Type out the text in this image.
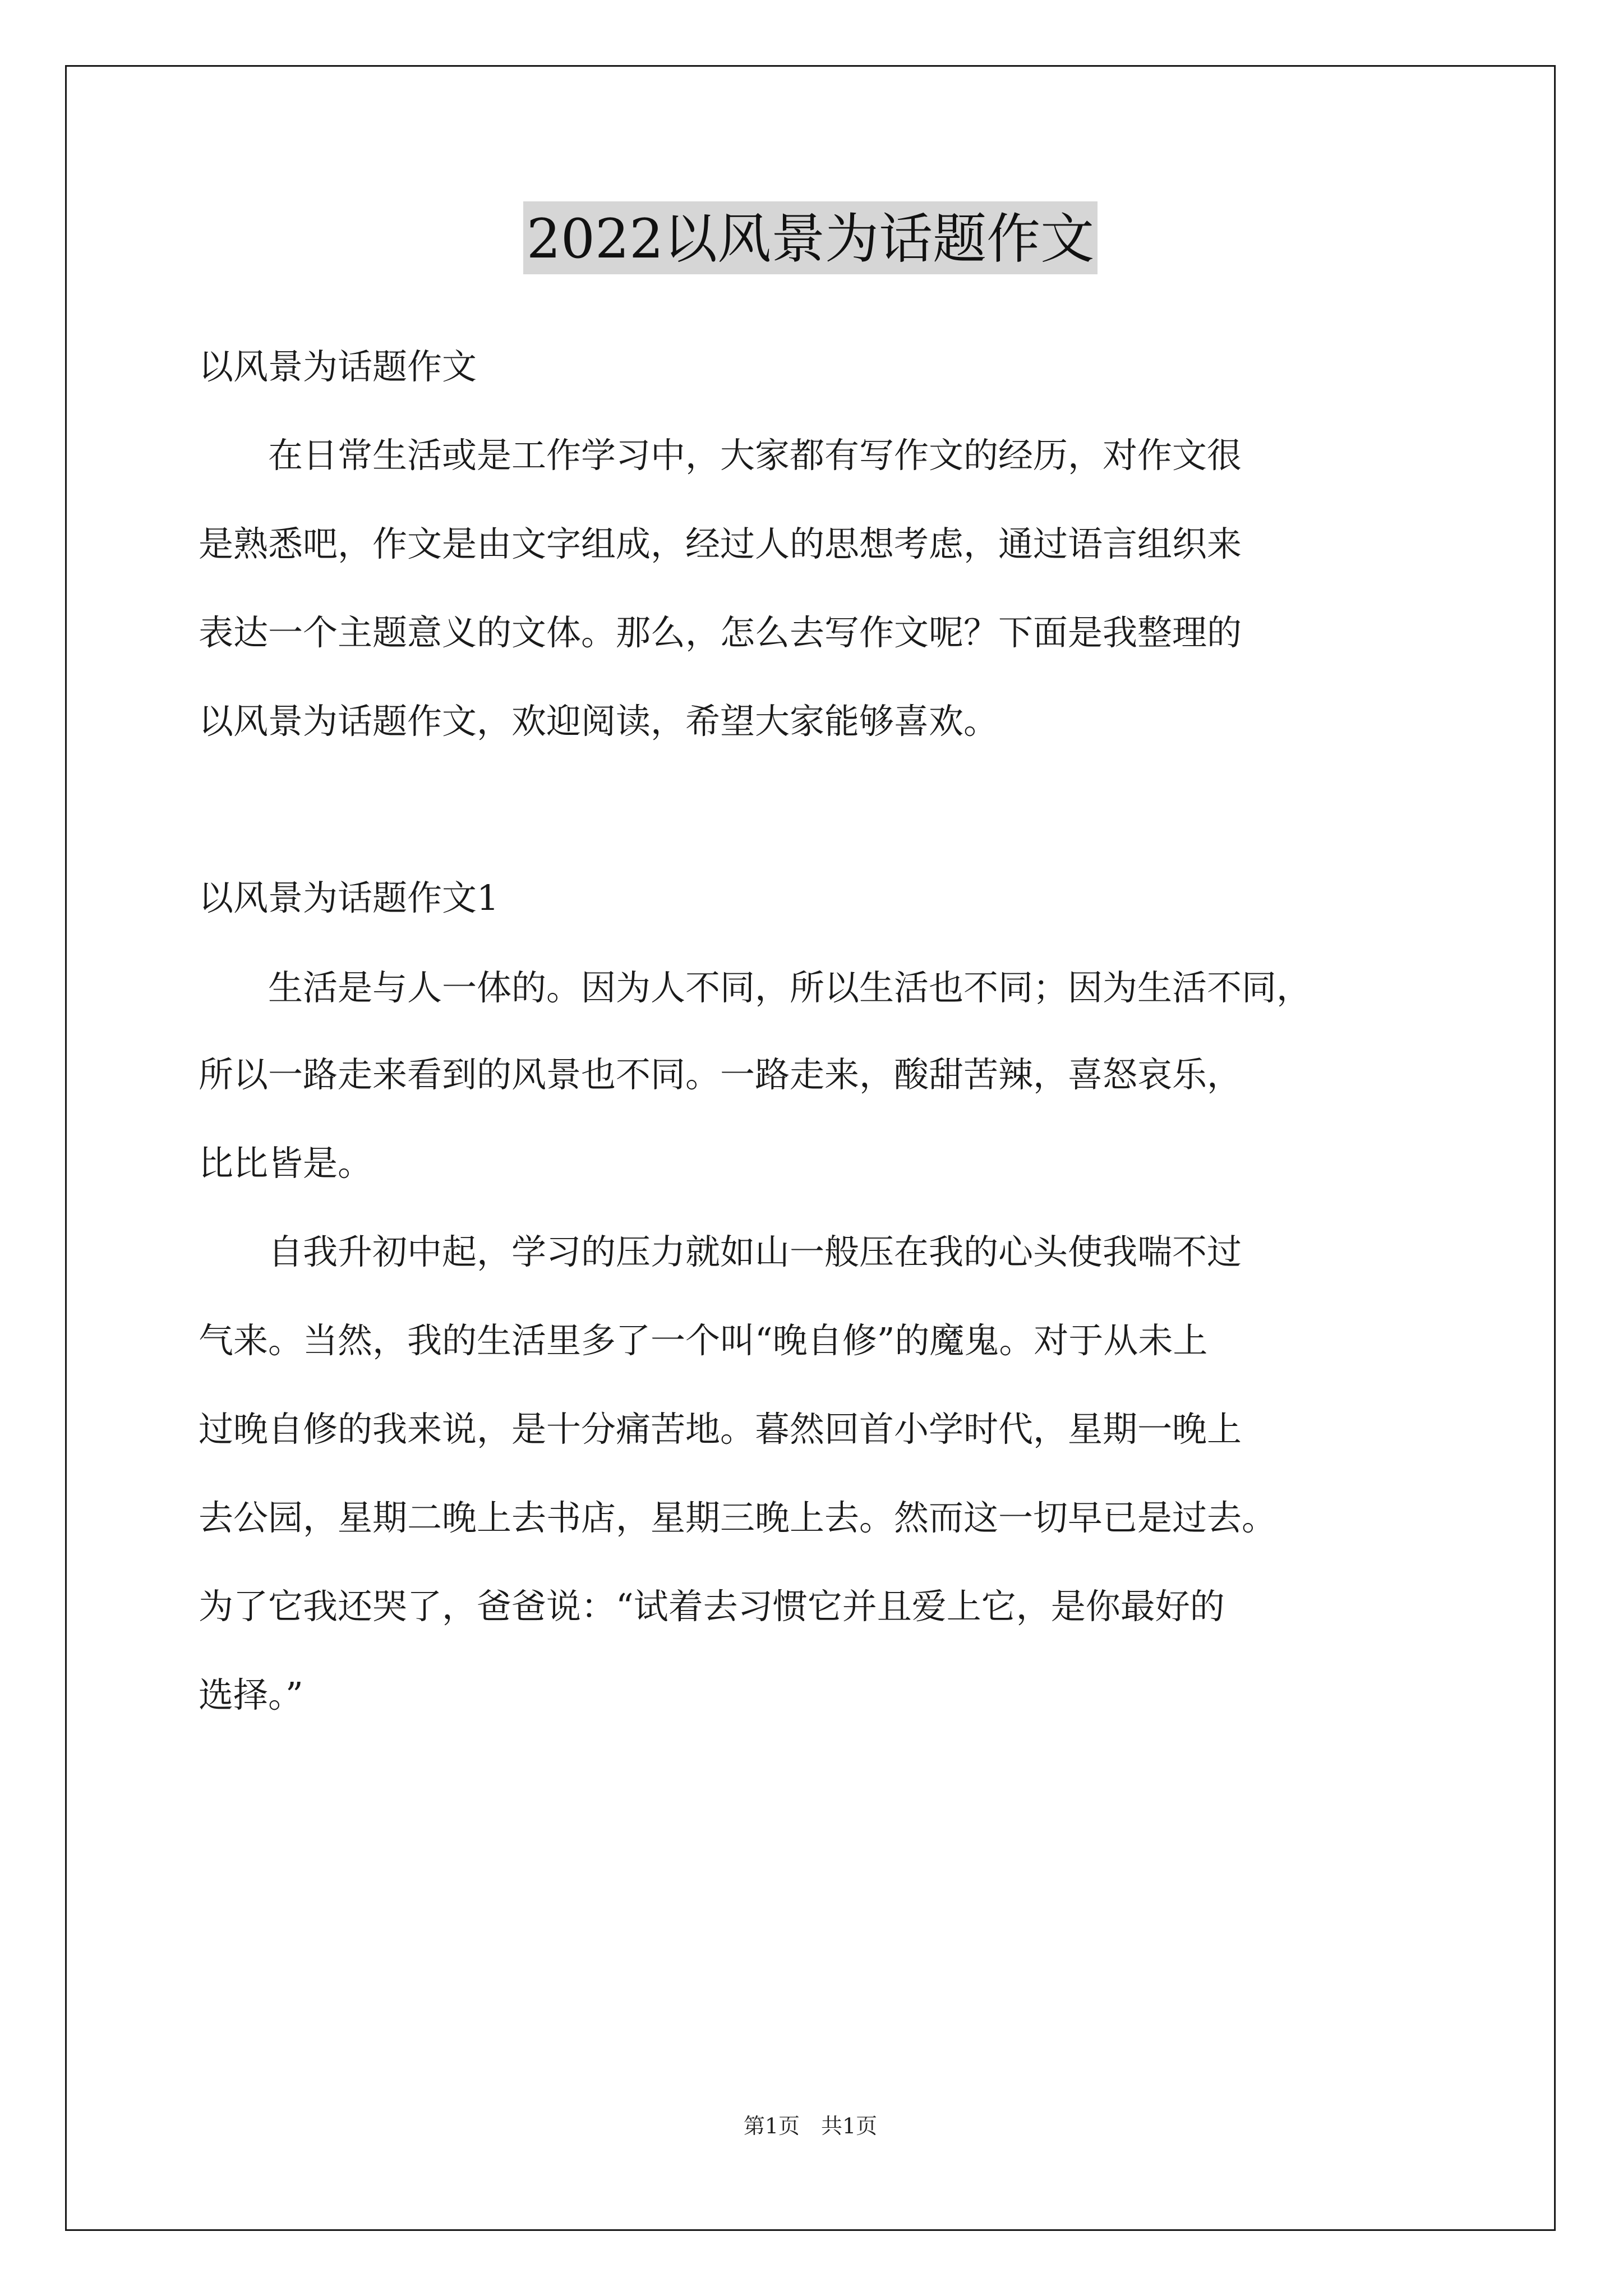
2022以风景为话题作文

以风景为话题作文

　　在日常生活或是工作学习中，大家都有写作文的经历，对作文很

是熟悉吧，作文是由文字组成，经过人的思想考虑，通过语言组织来

表达一个主题意义的文体。那么，怎么去写作文呢？下面是我整理的

以风景为话题作文，欢迎阅读，希望大家能够喜欢。

以风景为话题作文1

　　生活是与人一体的。因为人不同，所以生活也不同；因为生活不同，

所以一路走来看到的风景也不同。一路走来，酸甜苦辣，喜怒哀乐，

比比皆是。

　　自我升初中起，学习的压力就如山一般压在我的心头使我喘不过

气来。当然，我的生活里多了一个叫“晚自修”的魔鬼。对于从未上

过晚自修的我来说，是十分痛苦地。暮然回首小学时代，星期一晚上

去公园，星期二晚上去书店，星期三晚上去。然而这一切早已是过去。

为了它我还哭了，爸爸说：“试着去习惯它并且爱上它，是你最好的

选择。”

第1页　共1页
